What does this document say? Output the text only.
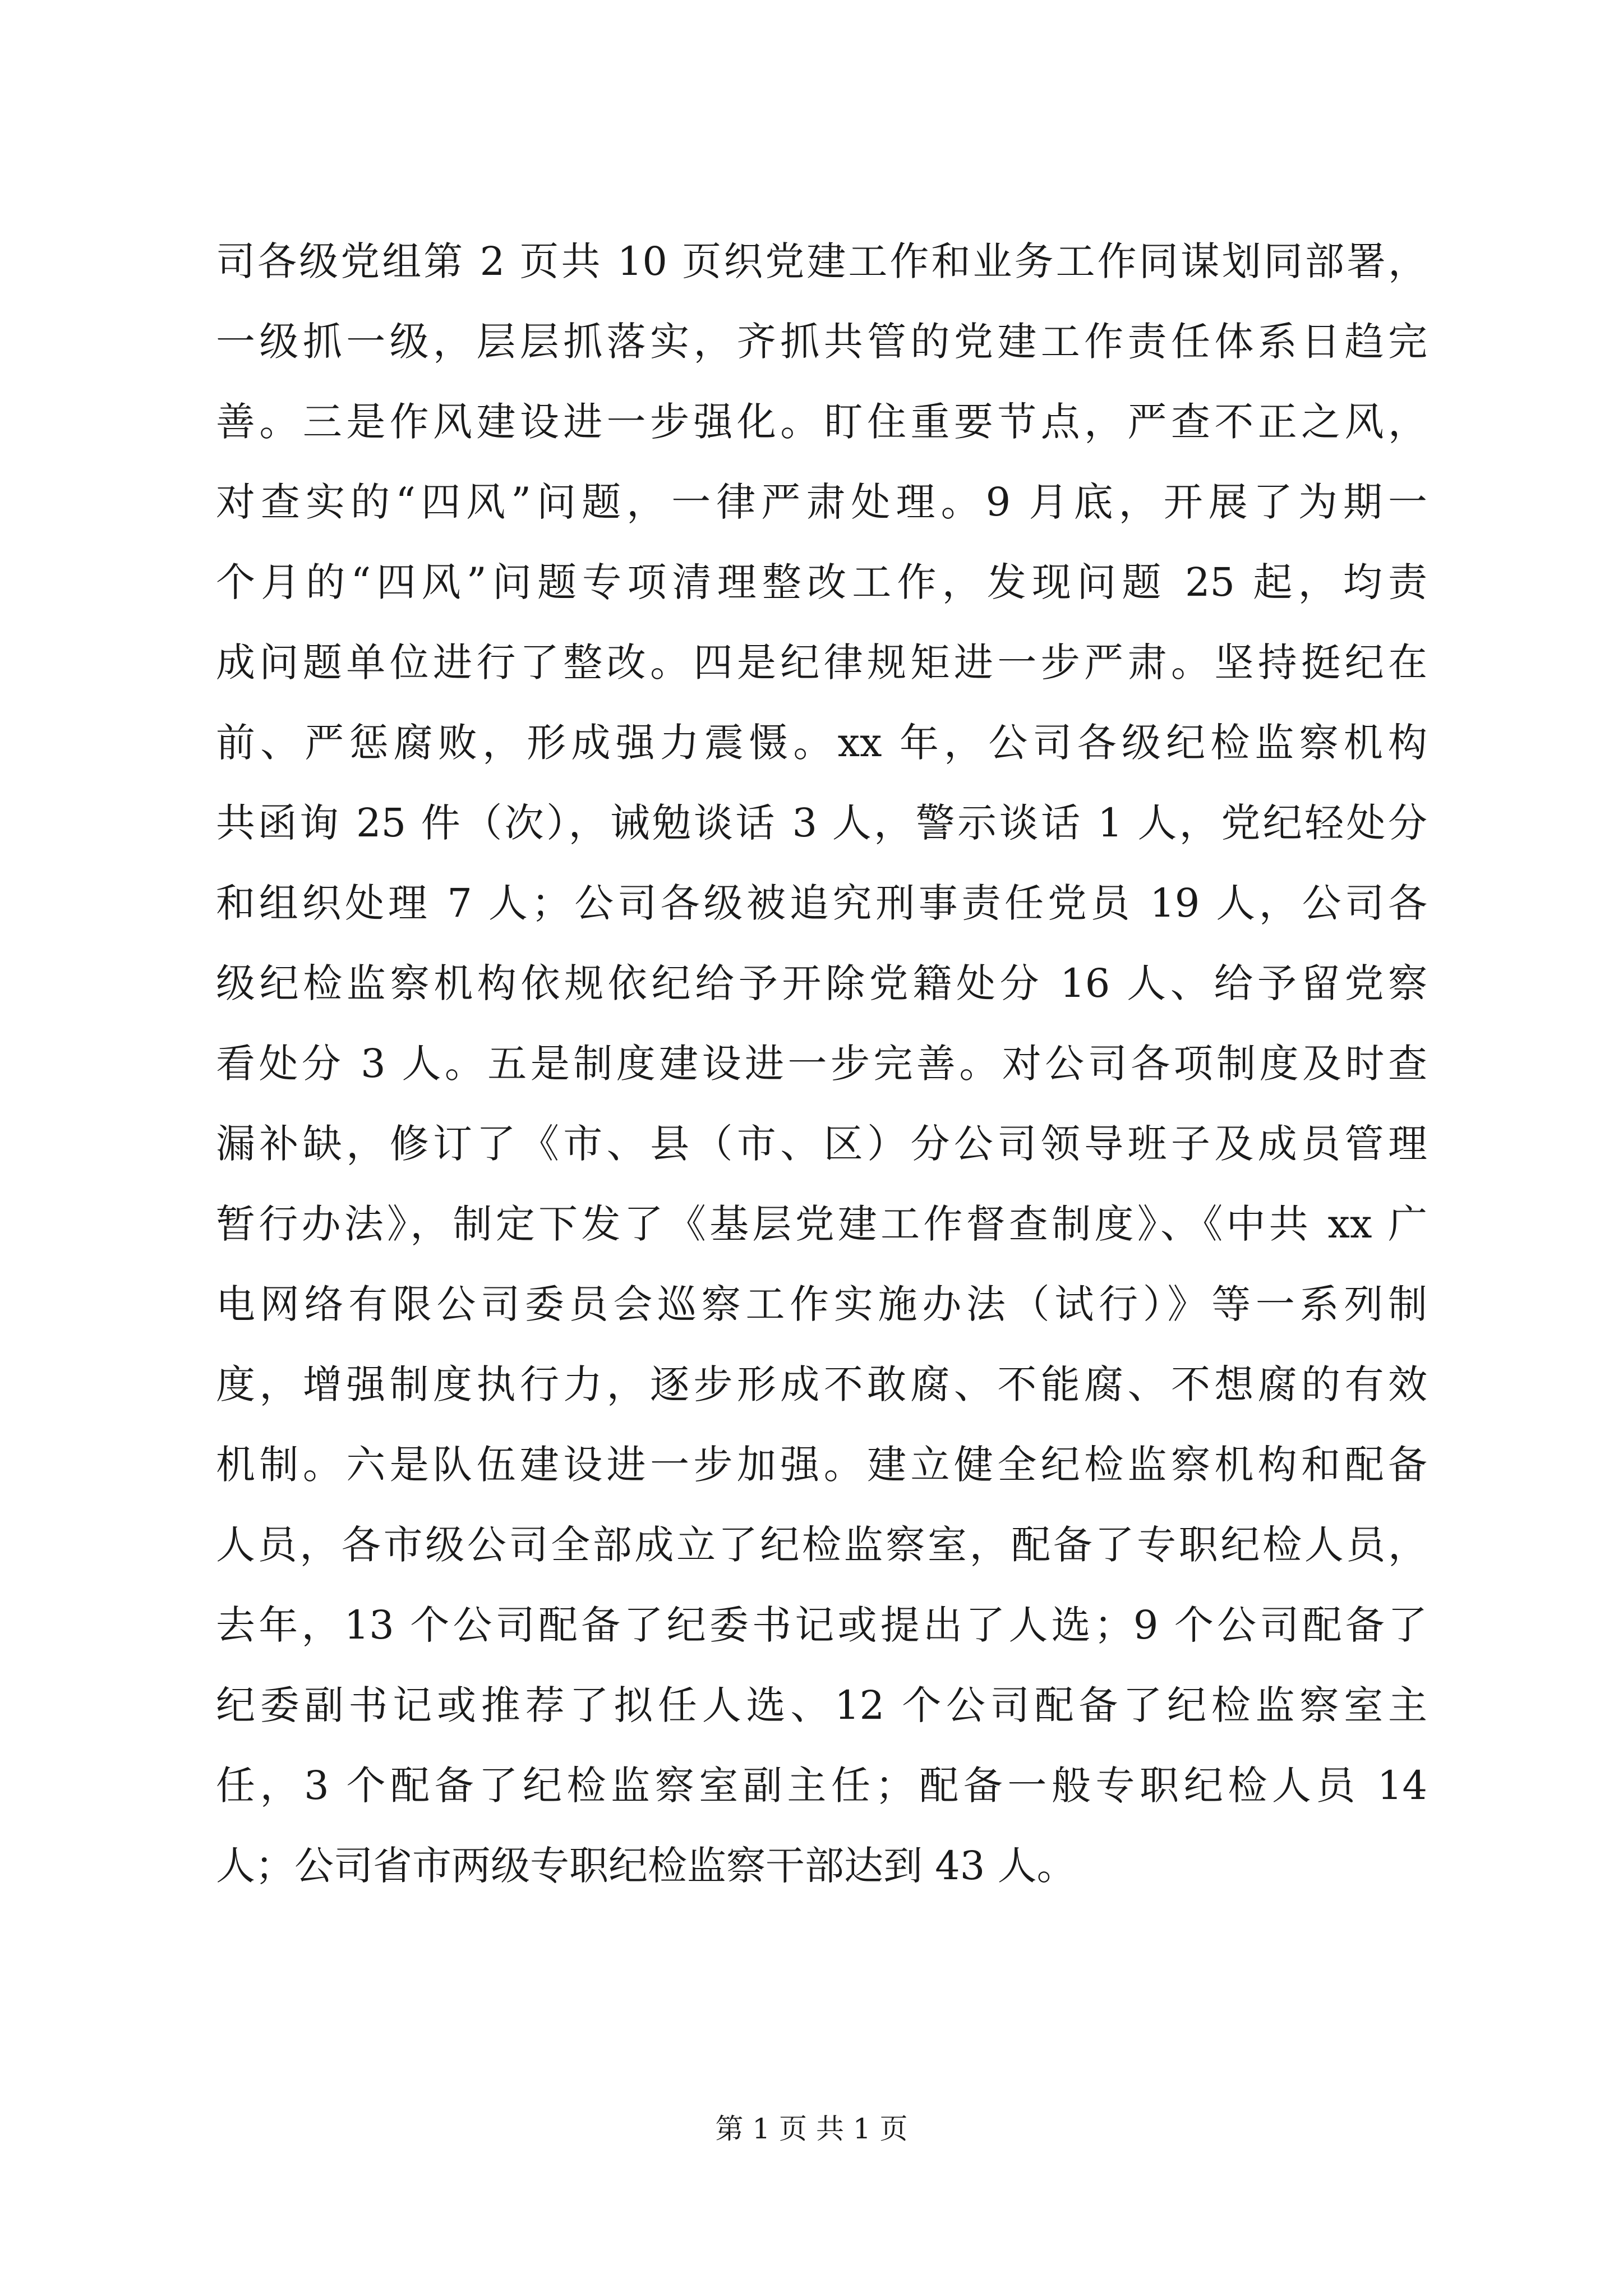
司各级党组第 2 页共 10 页织党建工作和业务工作同谋划同部署，
一级抓一级，层层抓落实，齐抓共管的党建工作责任体系日趋完
善。三是作风建设进一步强化。盯住重要节点，严查不正之风，
对查实的“四风”问题，一律严肃处理。9 月底，开展了为期一
个月的“四风”问题专项清理整改工作，发现问题 25 起，均责
成问题单位进行了整改。四是纪律规矩进一步严肃。坚持挺纪在
前、严惩腐败，形成强力震慑。xx 年，公司各级纪检监察机构
共函询 25 件（次），诫勉谈话 3 人，警示谈话 1 人，党纪轻处分
和组织处理 7 人；公司各级被追究刑事责任党员 19 人，公司各
级纪检监察机构依规依纪给予开除党籍处分 16 人、给予留党察
看处分 3 人。五是制度建设进一步完善。对公司各项制度及时查
漏补缺，修订了《市、县（市、区）分公司领导班子及成员管理
暂行办法》，制定下发了《基层党建工作督查制度》、《中共 xx 广
电网络有限公司委员会巡察工作实施办法（试行）》等一系列制
度，增强制度执行力，逐步形成不敢腐、不能腐、不想腐的有效
机制。六是队伍建设进一步加强。建立健全纪检监察机构和配备
人员，各市级公司全部成立了纪检监察室，配备了专职纪检人员，
去年，13 个公司配备了纪委书记或提出了人选；9 个公司配备了
纪委副书记或推荐了拟任人选、12 个公司配备了纪检监察室主
任，3 个配备了纪检监察室副主任；配备一般专职纪检人员 14
人；公司省市两级专职纪检监察干部达到 43 人。
第 1 页 共 1 页
